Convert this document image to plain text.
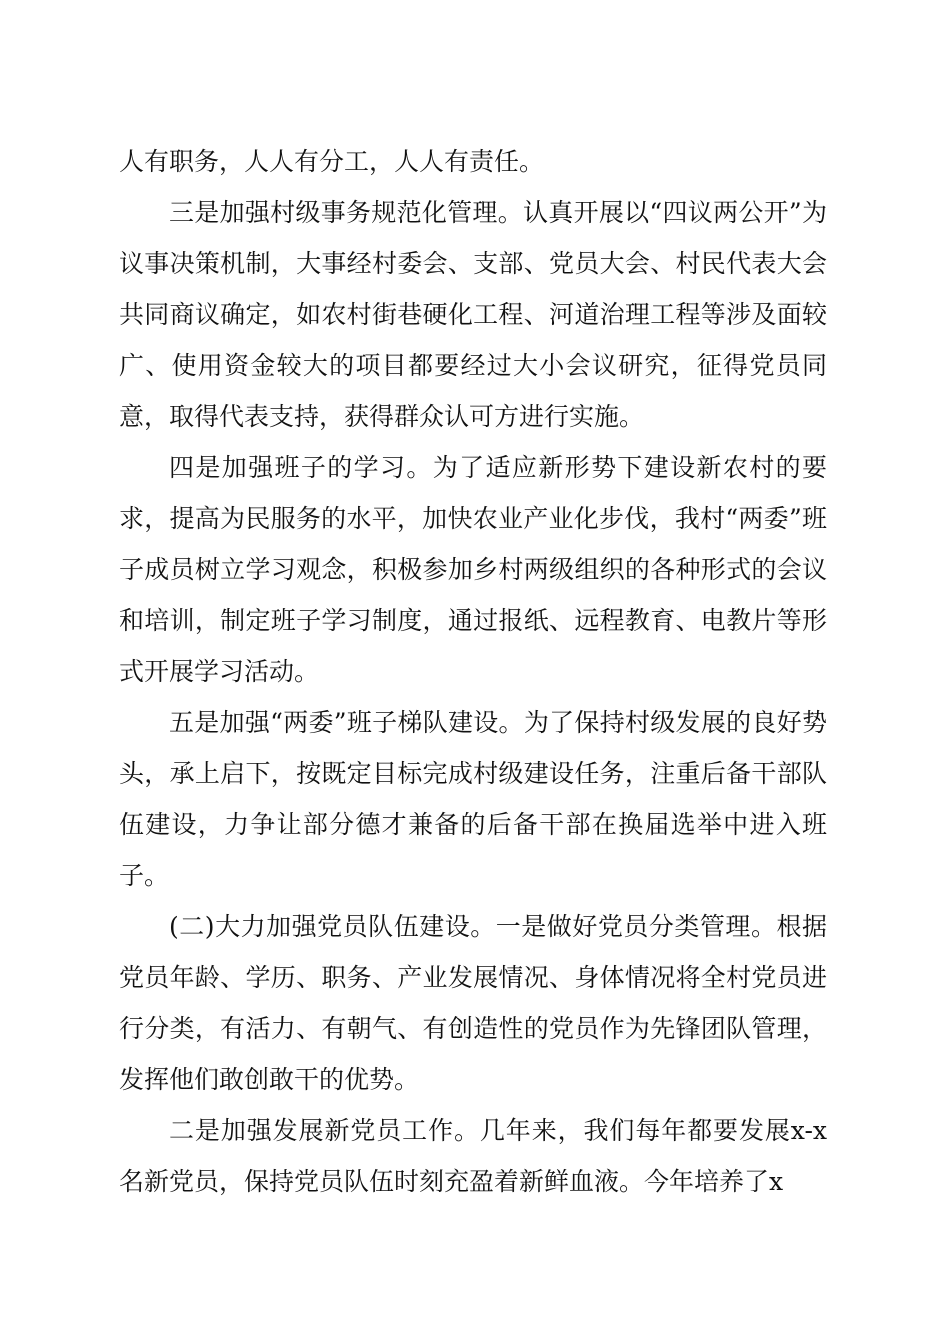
人有职务，人人有分工，人人有责任。

三是加强村级事务规范化管理。认真开展以“四议两公开”为议事决策机制，大事经村委会、支部、党员大会、村民代表大会共同商议确定，如农村街巷硬化工程、河道治理工程等涉及面较广、使用资金较大的项目都要经过大小会议研究，征得党员同意，取得代表支持，获得群众认可方进行实施。

四是加强班子的学习。为了适应新形势下建设新农村的要求，提高为民服务的水平，加快农业产业化步伐，我村“两委”班子成员树立学习观念，积极参加乡村两级组织的各种形式的会议和培训，制定班子学习制度，通过报纸、远程教育、电教片等形式开展学习活动。

五是加强“两委”班子梯队建设。为了保持村级发展的良好势头，承上启下，按既定目标完成村级建设任务，注重后备干部队伍建设，力争让部分德才兼备的后备干部在换届选举中进入班子。

(二)大力加强党员队伍建设。一是做好党员分类管理。根据党员年龄、学历、职务、产业发展情况、身体情况将全村党员进行分类，有活力、有朝气、有创造性的党员作为先锋团队管理，发挥他们敢创敢干的优势。

二是加强发展新党员工作。几年来，我们每年都要发展x-x名新党员，保持党员队伍时刻充盈着新鲜血液。今年培养了x
